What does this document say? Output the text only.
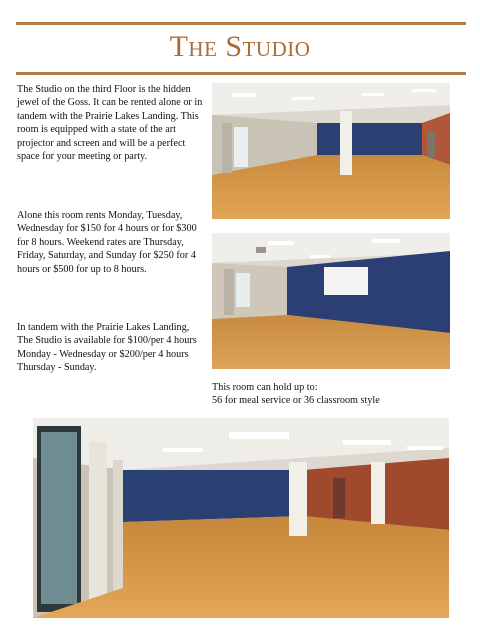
The Studio
The Studio on the third Floor is the hidden jewel of the Goss. It can be rented alone or in tandem with the Prairie Lakes Landing. This room is equipped with a state of the art projector and screen and will be a perfect space for your meeting or party.
Alone this room rents Monday, Tuesday, Wednesday for $150 for 4 hours or for $300 for 8 hours. Weekend rates are Thursday, Friday, Saturday, and Sunday for $250 for 4 hours or $500 for up to 8 hours.
In tandem with the Prairie Lakes Landing, The Studio is available for $100/per 4 hours Monday - Wednesday or $200/per 4 hours Thursday - Sunday.
This room can hold up to:
56 for meal service or 36 classroom style
